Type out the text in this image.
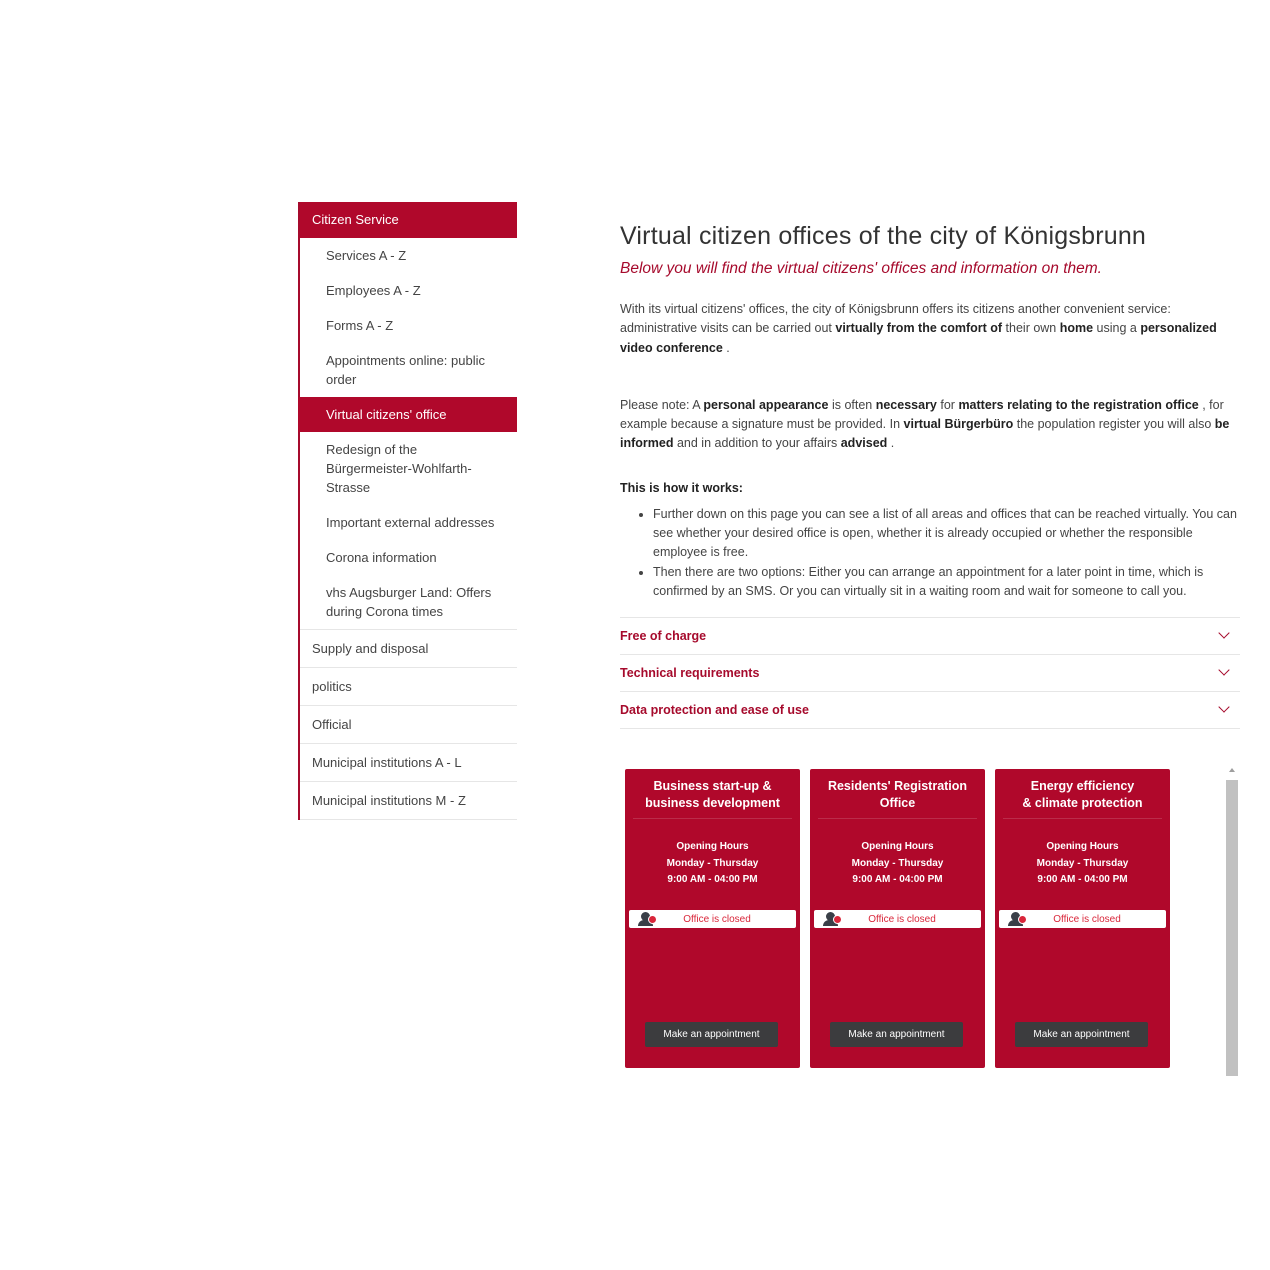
Citizen Service
Services A - Z
Employees A - Z
Forms A - Z
Appointments online: public order
Virtual citizens' office
Redesign of the Bürgermeister-Wohlfarth-Strasse
Important external addresses
Corona information
vhs Augsburger Land: Offers during Corona times
Supply and disposal
politics
Official
Municipal institutions A - L
Municipal institutions M - Z
Virtual citizen offices of the city of Königsbrunn

Below you will find the virtual citizens' offices and information on them.

With its virtual citizens' offices, the city of Königsbrunn offers its citizens another convenient service: administrative visits can be carried out virtually from the comfort of their own home using a personalized video conference .

Please note: A personal appearance is often necessary for matters relating to the registration office , for example because a signature must be provided. In virtual Bürgerbüro the population register you will also be informed and in addition to your affairs advised .

This is how it works:

• Further down on this page you can see a list of all areas and offices that can be reached virtually. You can see whether your desired office is open, whether it is already occupied or whether the responsible employee is free.
• Then there are two options: Either you can arrange an appointment for a later point in time, which is confirmed by an SMS. Or you can virtually sit in a waiting room and wait for someone to call you.
Free of charge
Technical requirements
Data protection and ease of use
Business start-up &
business development
Opening Hours
Monday - Thursday
9:00 AM - 04:00 PM
Office is closed
Make an appointment
Residents' Registration
Office
Opening Hours
Monday - Thursday
9:00 AM - 04:00 PM
Office is closed
Make an appointment
Energy efficiency
& climate protection
Opening Hours
Monday - Thursday
9:00 AM - 04:00 PM
Office is closed
Make an appointment
